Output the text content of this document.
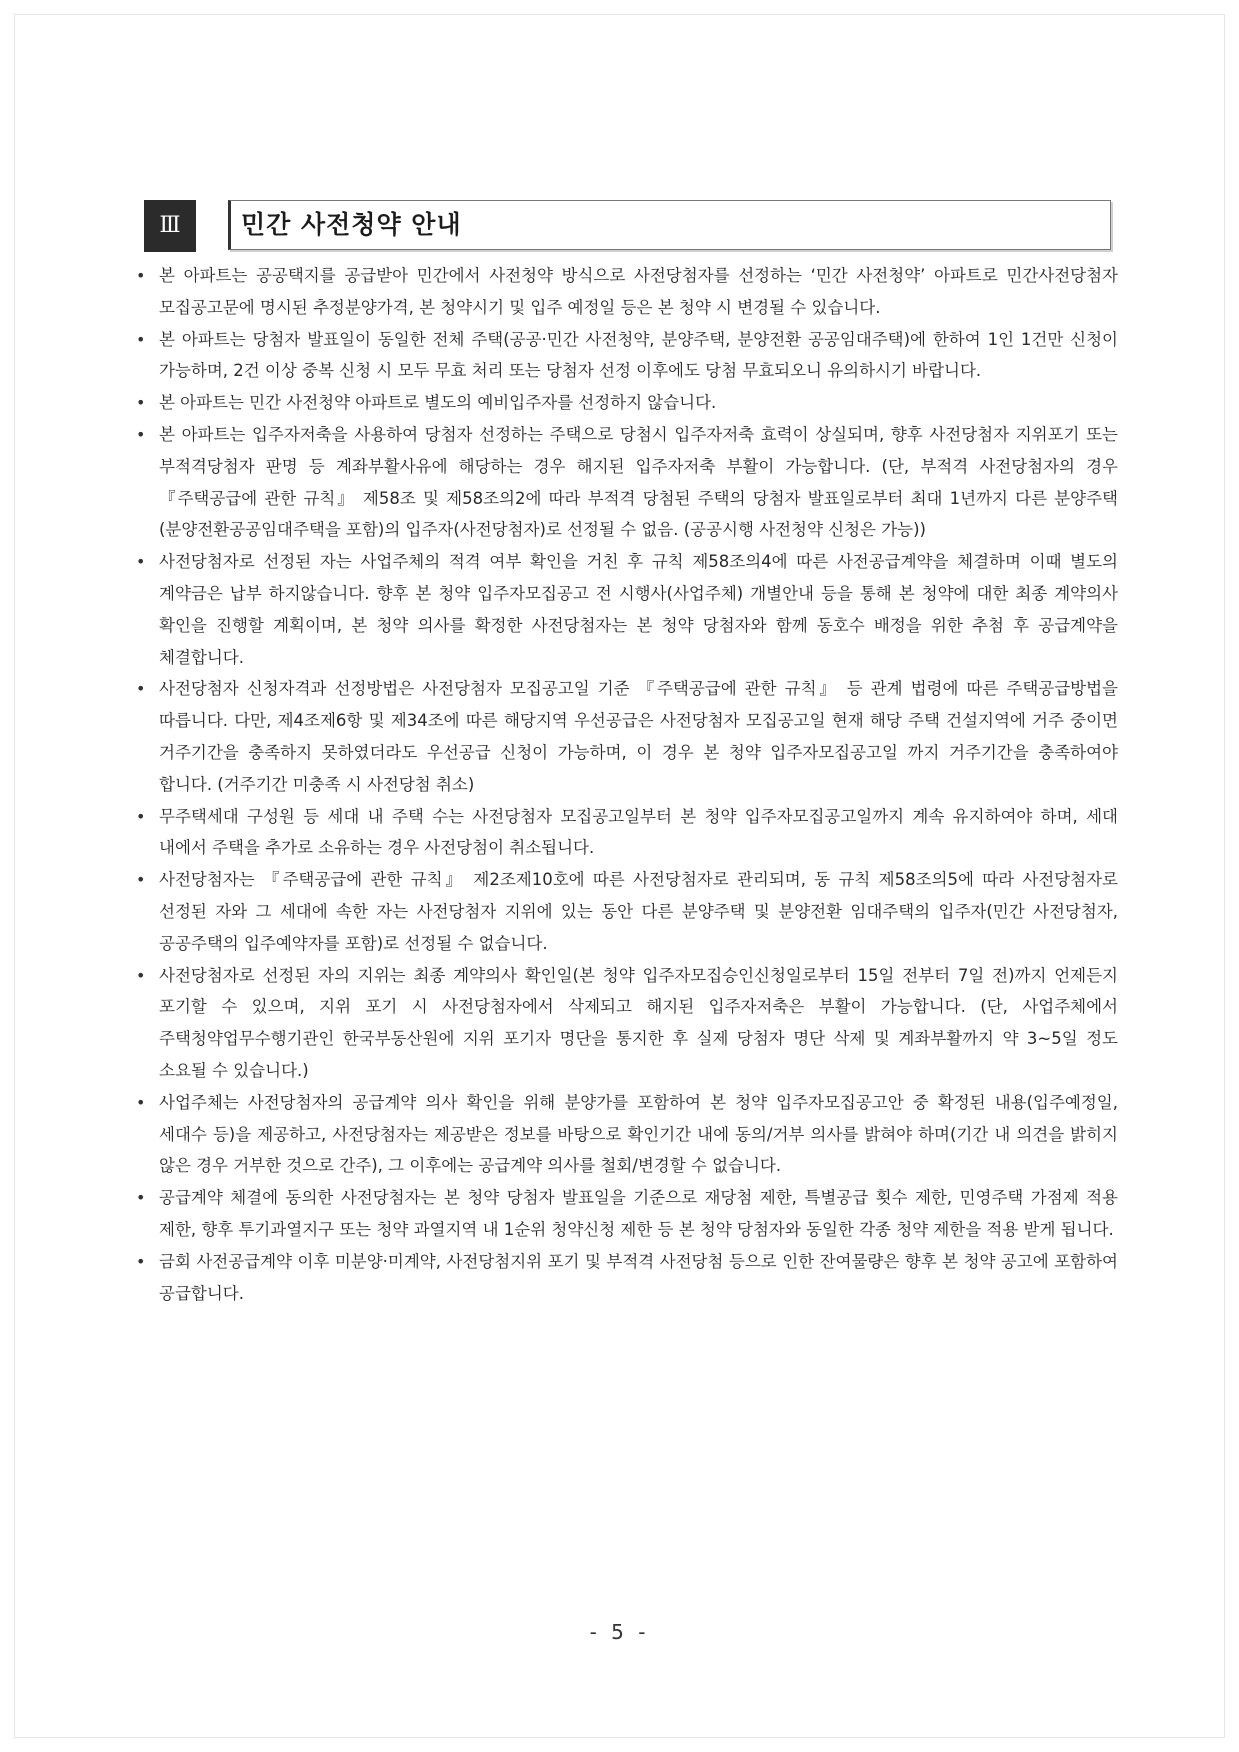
Ⅲ	민간 사전청약 안내
• 본 아파트는 공공택지를 공급받아 민간에서 사전청약 방식으로 사전당첨자를 선정하는 ‘민간 사전청약’ 아파트로 민간사전당첨자 모집공고문에 명시된 추정분양가격, 본 청약시기 및 입주 예정일 등은 본 청약 시 변경될 수 있습니다.
• 본 아파트는 당첨자 발표일이 동일한 전체 주택(공공·민간 사전청약, 분양주택, 분양전환 공공임대주택)에 한하여 1인 1건만 신청이 가능하며, 2건 이상 중복 신청 시 모두 무효 처리 또는 당첨자 선정 이후에도 당첨 무효되오니 유의하시기 바랍니다.
• 본 아파트는 민간 사전청약 아파트로 별도의 예비입주자를 선정하지 않습니다.
• 본 아파트는 입주자저축을 사용하여 당첨자 선정하는 주택으로 당첨시 입주자저축 효력이 상실되며, 향후 사전당첨자 지위포기 또는 부적격당첨자 판명 등 계좌부활사유에 해당하는 경우 해지된 입주자저축 부활이 가능합니다. (단, 부적격 사전당첨자의 경우 『주택공급에 관한 규칙』 제58조 및 제58조의2에 따라 부적격 당첨된 주택의 당첨자 발표일로부터 최대 1년까지 다른 분양주택(분양전환공공임대주택을 포함)의 입주자(사전당첨자)로 선정될 수 없음. (공공시행 사전청약 신청은 가능))
• 사전당첨자로 선정된 자는 사업주체의 적격 여부 확인을 거친 후 규칙 제58조의4에 따른 사전공급계약을 체결하며 이때 별도의 계약금은 납부 하지않습니다. 향후 본 청약 입주자모집공고 전 시행사(사업주체) 개별안내 등을 통해 본 청약에 대한 최종 계약의사 확인을 진행할 계획이며, 본 청약 의사를 확정한 사전당첨자는 본 청약 당첨자와 함께 동호수 배정을 위한 추첨 후 공급계약을 체결합니다.
• 사전당첨자 신청자격과 선정방법은 사전당첨자 모집공고일 기준 『주택공급에 관한 규칙』 등 관계 법령에 따른 주택공급방법을 따릅니다. 다만, 제4조제6항 및 제34조에 따른 해당지역 우선공급은 사전당첨자 모집공고일 현재 해당 주택 건설지역에 거주 중이면 거주기간을 충족하지 못하였더라도 우선공급 신청이 가능하며, 이 경우 본 청약 입주자모집공고일 까지 거주기간을 충족하여야 합니다. (거주기간 미충족 시 사전당첨 취소)
• 무주택세대 구성원 등 세대 내 주택 수는 사전당첨자 모집공고일부터 본 청약 입주자모집공고일까지 계속 유지하여야 하며, 세대 내에서 주택을 추가로 소유하는 경우 사전당첨이 취소됩니다.
• 사전당첨자는 『주택공급에 관한 규칙』 제2조제10호에 따른 사전당첨자로 관리되며, 동 규칙 제58조의5에 따라 사전당첨자로 선정된 자와 그 세대에 속한 자는 사전당첨자 지위에 있는 동안 다른 분양주택 및 분양전환 임대주택의 입주자(민간 사전당첨자, 공공주택의 입주예약자를 포함)로 선정될 수 없습니다.
• 사전당첨자로 선정된 자의 지위는 최종 계약의사 확인일(본 청약 입주자모집승인신청일로부터 15일 전부터 7일 전)까지 언제든지 포기할 수 있으며, 지위 포기 시 사전당첨자에서 삭제되고 해지된 입주자저축은 부활이 가능합니다. (단, 사업주체에서 주택청약업무수행기관인 한국부동산원에 지위 포기자 명단을 통지한 후 실제 당첨자 명단 삭제 및 계좌부활까지 약 3~5일 정도 소요될 수 있습니다.)
• 사업주체는 사전당첨자의 공급계약 의사 확인을 위해 분양가를 포함하여 본 청약 입주자모집공고안 중 확정된 내용(입주예정일, 세대수 등)을 제공하고, 사전당첨자는 제공받은 정보를 바탕으로 확인기간 내에 동의/거부 의사를 밝혀야 하며(기간 내 의견을 밝히지 않은 경우 거부한 것으로 간주), 그 이후에는 공급계약 의사를 철회/변경할 수 없습니다.
• 공급계약 체결에 동의한 사전당첨자는 본 청약 당첨자 발표일을 기준으로 재당첨 제한, 특별공급 횟수 제한, 민영주택 가점제 적용 제한, 향후 투기과열지구 또는 청약 과열지역 내 1순위 청약신청 제한 등 본 청약 당첨자와 동일한 각종 청약 제한을 적용 받게 됩니다.
• 금회 사전공급계약 이후 미분양·미계약, 사전당첨지위 포기 및 부적격 사전당첨 등으로 인한 잔여물량은 향후 본 청약 공고에 포함하여 공급합니다.
- 5 -
